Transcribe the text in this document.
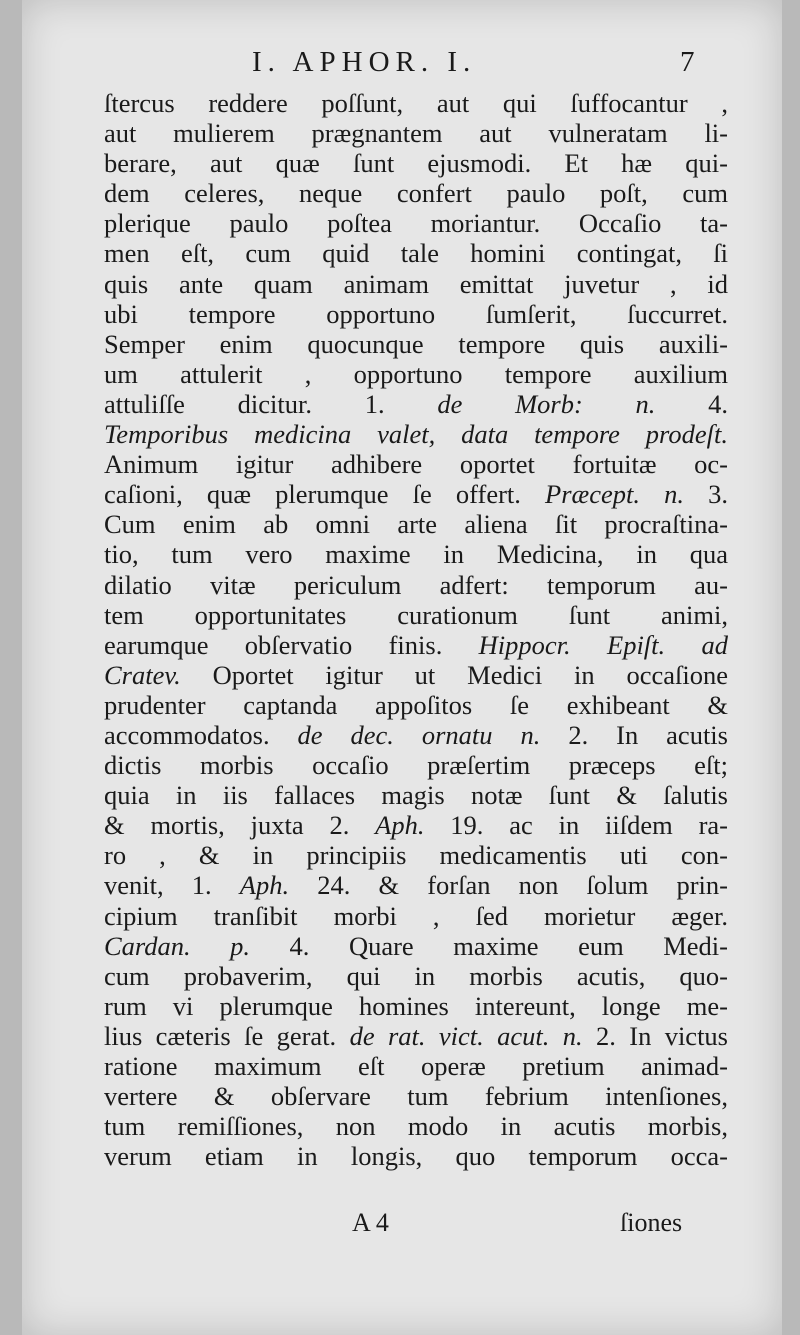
I. APHOR. I.	7
ſtercus reddere poſſunt, aut qui ſuffocantur ,
aut mulierem prægnantem aut vulneratam li-
berare, aut quæ ſunt ejusmodi. Et hæ qui-
dem celeres, neque confert paulo poſt, cum
plerique paulo poſtea moriantur. Occaſio ta-
men eſt, cum quid tale homini contingat, ſi
quis ante quam animam emittat juvetur , id
ubi tempore opportuno ſumſerit, ſuccurret.
Semper enim quocunque tempore quis auxili-
um attulerit , opportuno tempore auxilium
attuliſſe dicitur. 1. de Morb: n. 4.
Temporibus medicina valet, data tempore prodeſt.
Animum igitur adhibere oportet fortuitæ oc-
caſioni, quæ plerumque ſe offert. Præcept. n. 3.
Cum enim ab omni arte aliena ſit procraſtina-
tio, tum vero maxime in Medicina, in qua
dilatio vitæ periculum adfert: temporum au-
tem opportunitates curationum ſunt animi,
earumque obſervatio finis. Hippocr. Epiſt. ad
Cratev. Oportet igitur ut Medici in occaſione
prudenter captanda appoſitos ſe exhibeant &
accommodatos. de dec. ornatu n. 2. In acutis
dictis morbis occaſio præſertim præceps eſt;
quia in iis fallaces magis notæ ſunt & ſalutis
& mortis, juxta 2. Aph. 19. ac in iiſdem ra-
ro , & in principiis medicamentis uti con-
venit, 1. Aph. 24. & forſan non ſolum prin-
cipium tranſibit morbi , ſed morietur æger.
Cardan. p. 4. Quare maxime eum Medi-
cum probaverim, qui in morbis acutis, quo-
rum vi plerumque homines intereunt, longe me-
lius cæteris ſe gerat. de rat. vict. acut. n. 2. In victus
ratione maximum eſt operæ pretium animad-
vertere & obſervare tum febrium intenſiones,
tum remiſſiones, non modo in acutis morbis,
verum etiam in longis, quo temporum occa-
A 4	ſiones
